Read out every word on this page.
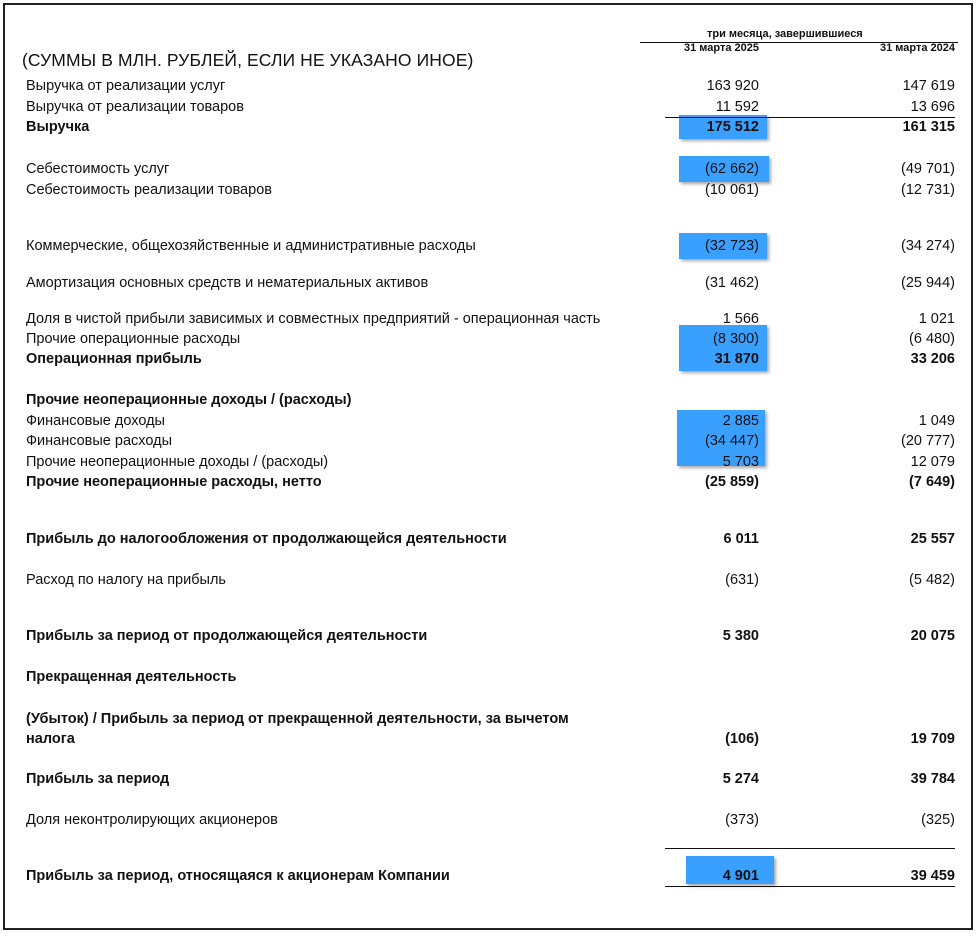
три месяца, завершившиеся
31 марта 2025	31 марта 2024
(СУММЫ В МЛН. РУБЛЕЙ, ЕСЛИ НЕ УКАЗАНО ИНОЕ)
Выручка от реализации услуг	163 920	147 619
Выручка от реализации товаров	11 592	13 696
Выручка	175 512	161 315
Себестоимость услуг	(62 662)	(49 701)
Себестоимость реализации товаров	(10 061)	(12 731)
Коммерческие, общехозяйственные и административные расходы	(32 723)	(34 274)
Амортизация основных средств и нематериальных активов	(31 462)	(25 944)
Доля в чистой прибыли зависимых и совместных предприятий - операционная часть	1 566	1 021
Прочие операционные расходы	(8 300)	(6 480)
Операционная прибыль	31 870	33 206
Прочие неоперационные доходы / (расходы)
Финансовые доходы	2 885	1 049
Финансовые расходы	(34 447)	(20 777)
Прочие неоперационные доходы / (расходы)	5 703	12 079
Прочие неоперационные расходы, нетто	(25 859)	(7 649)
Прибыль до налогообложения от продолжающейся деятельности	6 011	25 557
Расход по налогу на прибыль	(631)	(5 482)
Прибыль за период от продолжающейся деятельности	5 380	20 075
Прекращенная деятельность
(Убыток) / Прибыль за период от прекращенной деятельности, за вычетом
налога	(106)	19 709
Прибыль за период	5 274	39 784
Доля неконтролирующих акционеров	(373)	(325)
Прибыль за период, относящаяся к акционерам Компании	4 901	39 459
